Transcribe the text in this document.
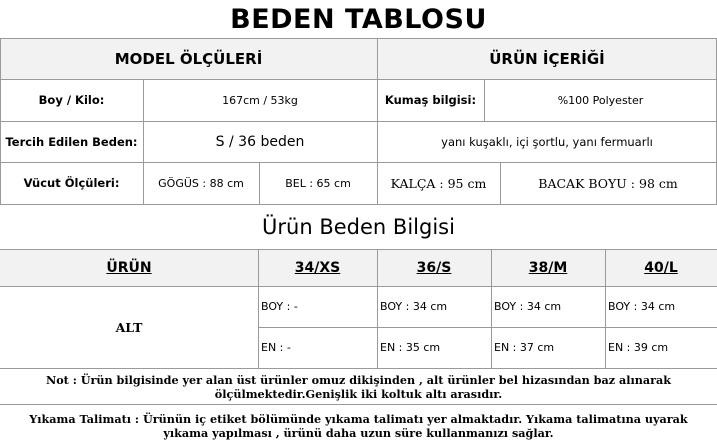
BEDEN TABLOSU
MODEL ÖLÇÜLERİ	ÜRÜN İÇERİĞİ
Boy / Kilo:	167cm / 53kg	Kumaş bilgisi:	%100 Polyester
Tercih Edilen Beden:	S / 36 beden	yanı kuşaklı, içi şortlu, yanı fermuarlı
Vücut Ölçüleri:	GÖGÜS : 88 cm	BEL : 65 cm	KALÇA : 95 cm	BACAK BOYU : 98 cm
Ürün Beden Bilgisi
ÜRÜN	34/XS	36/S	38/M	40/L
ALT
BOY : -	BOY : 34 cm	BOY : 34 cm	BOY : 34 cm
EN : -	EN : 35 cm	EN : 37 cm	EN : 39 cm
Not : Ürün bilgisinde yer alan üst ürünler omuz dikişinden , alt ürünler bel hizasından baz alınarak ölçülmektedir.Genişlik iki koltuk altı arasıdır.
Yıkama Talimatı : Ürünün iç etiket bölümünde yıkama talimatı yer almaktadır. Yıkama talimatına uyarak yıkama yapılması , ürünü daha uzun süre kullanmanızı sağlar.
